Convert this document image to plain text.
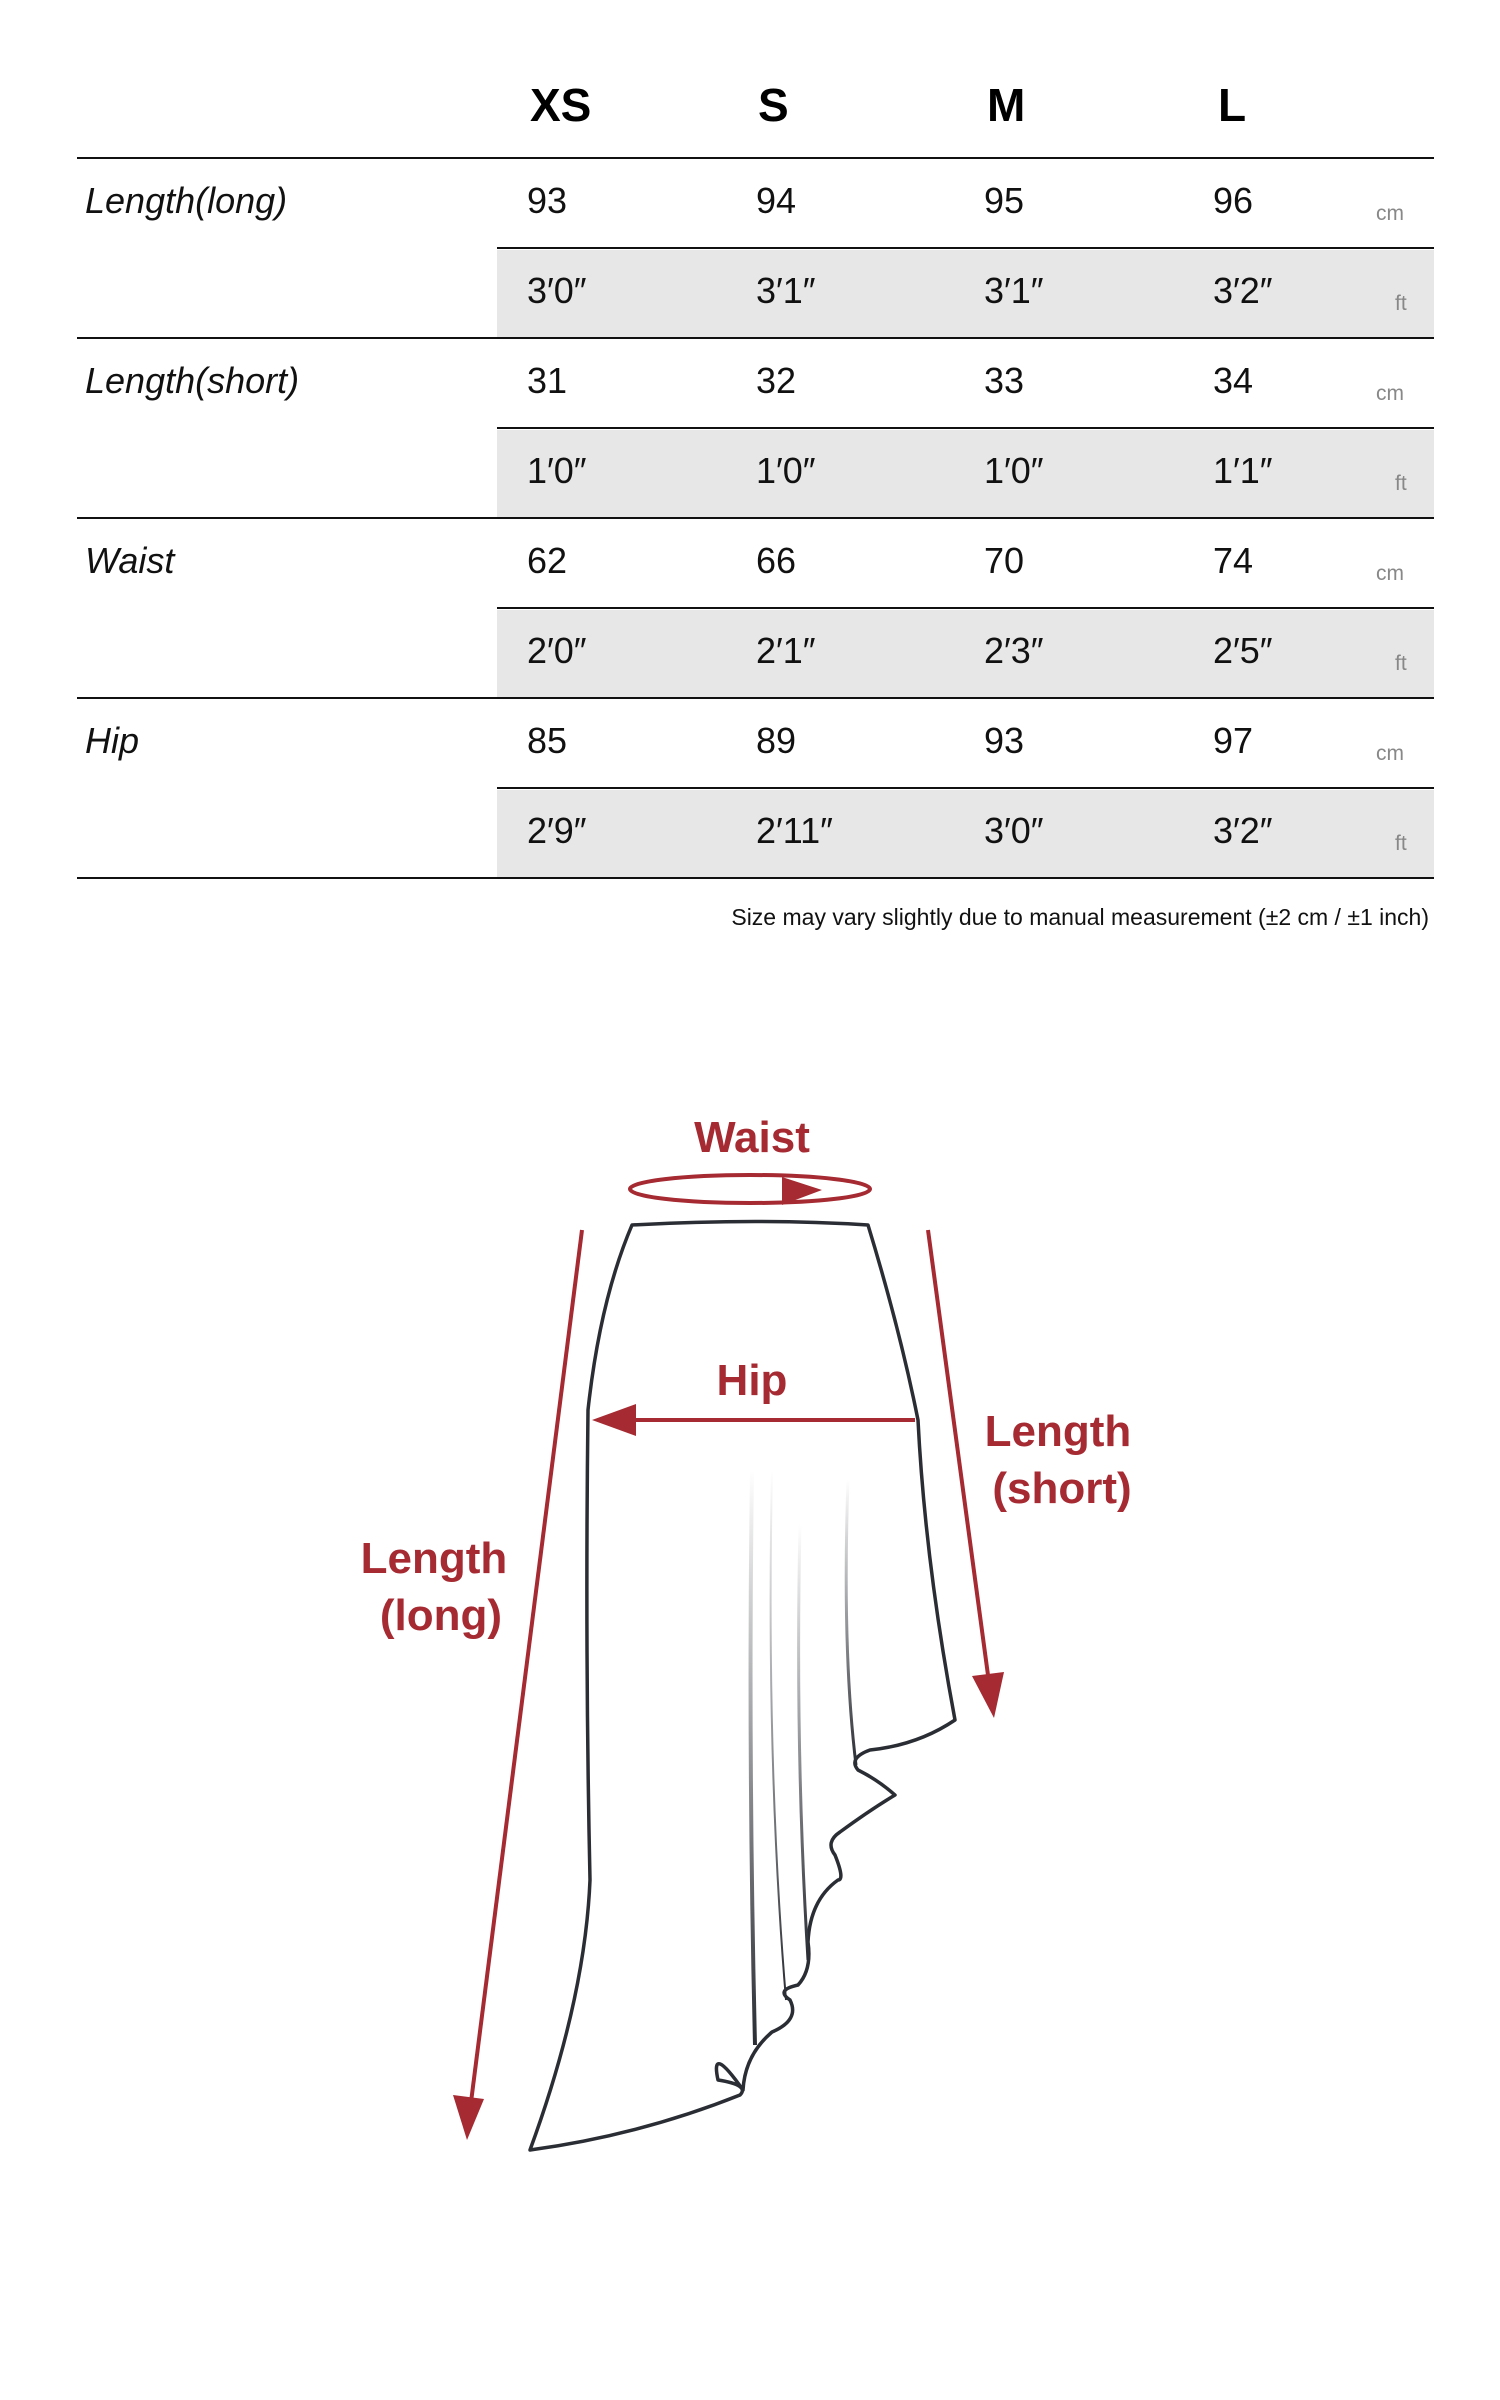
XS	S	M	L
Length(long)	93	94	95	96	cm
3′0″	3′1″	3′1″	3′2″	ft
Length(short)	31	32	33	34	cm
1′0″	1′0″	1′0″	1′1″	ft
Waist	62	66	70	74	cm
2′0″	2′1″	2′3″	2′5″	ft
Hip	85	89	93	97	cm
2′9″	2′11″	3′0″	3′2″	ft
Size may vary slightly due to manual measurement (±2 cm / ±1 inch)
Waist
Hip
Length
(short)
Length
(long)
